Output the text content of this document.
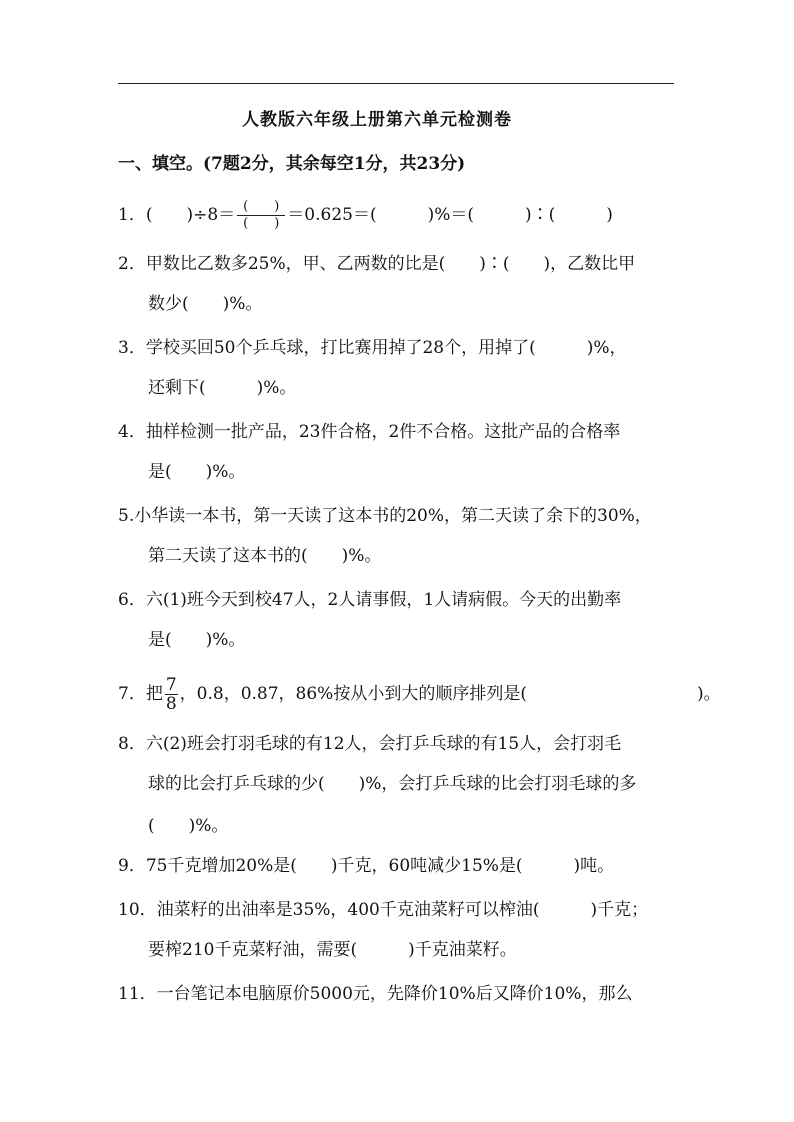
人教版六年级上册第六单元检测卷
一、填空。(7题2分，其余每空1分，共23分)
1．(　　)$\div 8= \frac{( )}{( )} =0.625=$(　　　)%＝(　　　)∶(　　　)
2．甲数比乙数多25%，甲、乙两数的比是(　　)∶(　　)，乙数比甲
数少(　　)%。
3．学校买回50个乒乓球，打比赛用掉了28个，用掉了(　　　)%，
还剩下(　　　)%。
4．抽样检测一批产品，23件合格，2件不合格。这批产品的合格率
是(　　)%。
5.小华读一本书，第一天读了这本书的20%，第二天读了余下的30%，
第二天读了这本书的(　　)%。
6．六(1)班今天到校47人，2人请事假，1人请病假。今天的出勤率
是(　　)%。
7．把 $\frac{7}{8}$ ，0.8，0.87，86%按从小到大的顺序排列是(　　　　　　　　　　)。
8．六(2)班会打羽毛球的有12人，会打乒乓球的有15人，会打羽毛
球的比会打乒乓球的少(　　)%，会打乒乓球的比会打羽毛球的多
(　　)%。
9．75千克增加20%是(　　)千克，60吨减少15%是(　　　)吨。
10．油菜籽的出油率是35%，400千克油菜籽可以榨油(　　　)千克；
要榨210千克菜籽油，需要(　　　)千克油菜籽。
11．一台笔记本电脑原价5000元，先降价10%后又降价10%，那么
